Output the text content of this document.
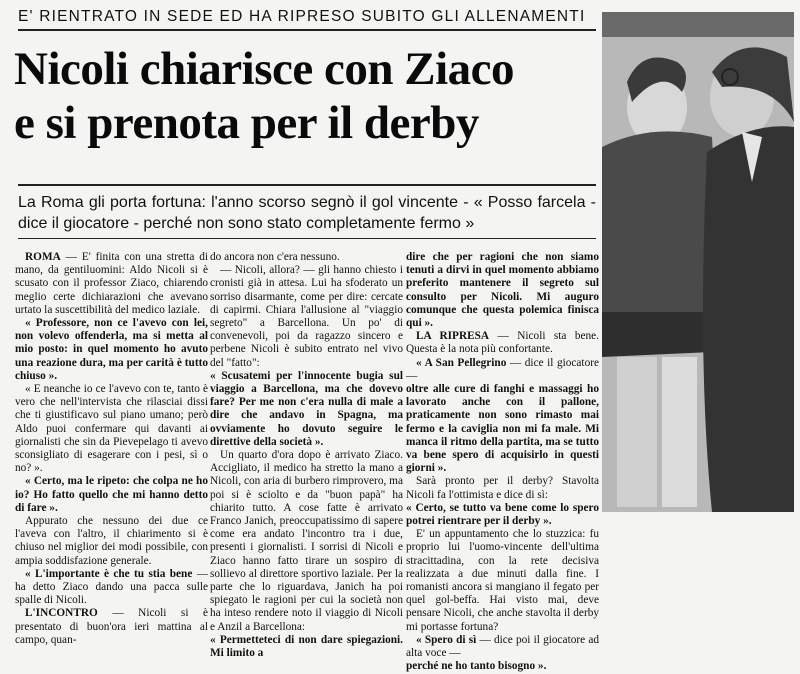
E' RIENTRATO IN SEDE ED HA RIPRESO SUBITO GLI ALLENAMENTI
Nicoli chiarisce con Ziaco
e si prenota per il derby
La Roma gli porta fortuna: l'anno scorso segnò il gol vincente - « Posso farcela - dice il giocatore - perché non sono stato completamente fermo »

ROMA — E' finita con una stretta di mano, da gentiluomini: Aldo Nicoli si è scusato con il professor Ziaco, chiarendo meglio certe dichiarazioni che avevano urtato la suscettibilità del medico laziale.

« Professore, non ce l'avevo con lei, non volevo offenderla, ma si metta al mio posto: in quel momento ho avuto una reazione dura, ma per carità è tutto chiuso ».

« E neanche io ce l'avevo con te, tanto è vero che nell'intervista che rilasciai dissi che ti giustificavo sul piano umano; però Aldo puoi confermare qui davanti ai giornalisti che sin da Pievepelago ti avevo sconsigliato di esagerare con i pesi, sì o no? ».

« Certo, ma le ripeto: che colpa ne ho io? Ho fatto quello che mi hanno detto di fare ».

Appurato che nessuno dei due ce l'aveva con l'altro, il chiarimento si è chiuso nel miglior dei modi possibile, con ampia soddisfazione generale.

« L'importante è che tu stia bene — ha detto Ziaco dando una pacca sulle spalle di Nicoli.

L'INCONTRO — Nicoli si è presentato di buon'ora ieri mattina al campo, quan-

do ancora non c'era nessuno.

— Nicoli, allora? — gli hanno chiesto i cronisti già in attesa. Lui ha sfoderato un sorriso disarmante, come per dire: cercate di capirmi. Chiara l'allusione al "viaggio segreto" a Barcellona. Un po' di convenevoli, poi da ragazzo sincero e perbene Nicoli è subito entrato nel vivo del "fatto":

« Scusatemi per l'innocente bugia sul viaggio a Barcellona, ma che dovevo fare? Per me non c'era nulla di male a dire che andavo in Spagna, ma ovviamente ho dovuto seguire le direttive della società ».

Un quarto d'ora dopo è arrivato Ziaco. Accigliato, il medico ha stretto la mano a Nicoli, con aria di burbero rimprovero, ma poi si è sciolto e da "buon papà" ha chiarito tutto. A cose fatte è arrivato Franco Janich, preoccupatissimo di sapere come era andato l'incontro tra i due, presenti i giornalisti. I sorrisi di Nicoli e Ziaco hanno fatto tirare un sospiro di sollievo al direttore sportivo laziale. Per la parte che lo riguardava, Janich ha poi spiegato le ragioni per cui la società non ha inteso rendere noto il viaggio di Nicoli e Anzil a Barcellona:

« Permetteteci di non dare spiegazioni. Mi limito a

dire che per ragioni che non siamo tenuti a dirvi in quel momento abbiamo preferito mantenere il segreto sul consulto per Nicoli. Mi auguro comunque che questa polemica finisca qui ».

LA RIPRESA — Nicoli sta bene. Questa è la nota più confortante.

« A San Pellegrino — dice il giocatore —

oltre alle cure di fanghi e massaggi ho lavorato anche con il pallone, praticamente non sono rimasto mai fermo e la caviglia non mi fa male. Mi manca il ritmo della partita, ma se tutto va bene spero di acquisirlo in questi giorni ».

Sarà pronto per il derby? Stavolta Nicoli fa l'ottimista e dice di sì:

« Certo, se tutto va bene come lo spero potrei rientrare per il derby ».

E' un appuntamento che lo stuzzica: fu proprio lui l'uomo-vincente dell'ultima stracittadina, con la rete decisiva realizzata a due minuti dalla fine. I romanisti ancora si mangiano il fegato per quel gol-beffa. Hai visto mai, deve pensare Nicoli, che anche stavolta il derby mi portasse fortuna?

« Spero di sì — dice poi il giocatore ad alta voce —

perché ne ho tanto bisogno ».
